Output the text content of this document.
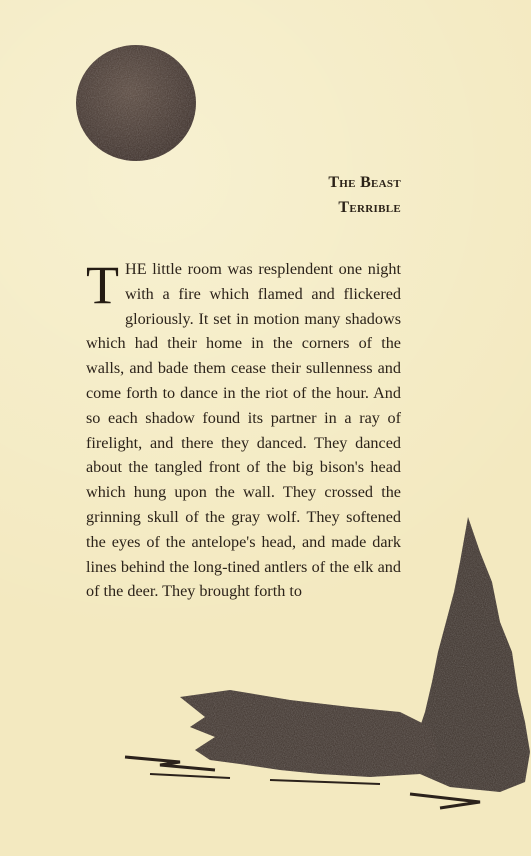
The Beast
Terrible
T HE little room was resplendent one night with a fire which flamed and flickered gloriously. It set in motion many shadows which had their home in the corners of the walls, and bade them cease their sullenness and come forth to dance in the riot of the hour. And so each shadow found its partner in a ray of firelight, and there they danced. They danced about the tangled front of the big bison's head which hung upon the wall. They crossed the grinning skull of the gray wolf. They softened the eyes of the antelope's head, and made dark lines behind the long-tined antlers of the elk and of the deer. They brought forth to
